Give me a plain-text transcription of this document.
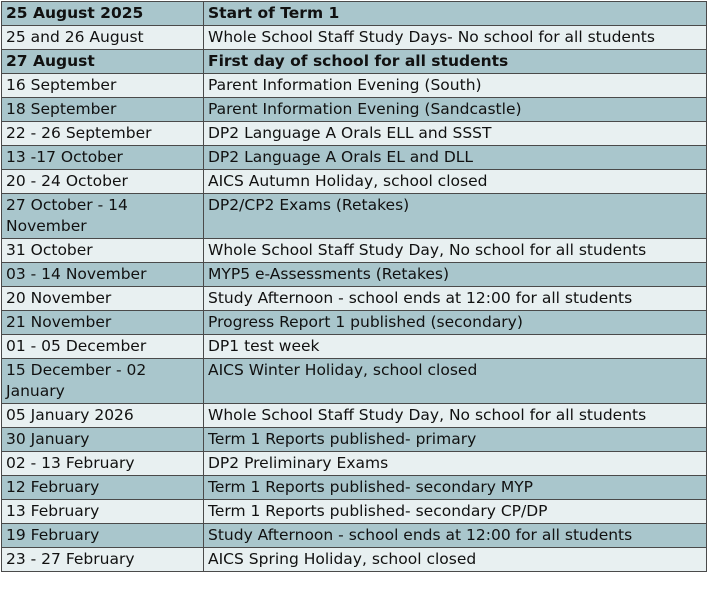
25 August 2025	Start of Term 1
25 and 26 August	Whole School Staff Study Days- No school for all students
27 August	First day of school for all students
16 September	Parent Information Evening (South)
18 September	Parent Information Evening (Sandcastle)
22 - 26 September	DP2 Language A Orals ELL and SSST
13 -17 October	DP2 Language A Orals EL and DLL
20 - 24 October	AICS Autumn Holiday, school closed
27 October - 14 November	DP2/CP2 Exams (Retakes)
31 October	Whole School Staff Study Day, No school for all students
03 - 14 November	MYP5 e-Assessments (Retakes)
20 November	Study Afternoon - school ends at 12:00 for all students
21 November	Progress Report 1 published (secondary)
01 - 05 December	DP1 test week
15 December - 02 January	AICS Winter Holiday, school closed
05 January 2026	Whole School Staff Study Day, No school for all students
30 January	Term 1 Reports published- primary
02 - 13 February	DP2 Preliminary Exams
12 February	Term 1 Reports published- secondary MYP
13 February	Term 1 Reports published- secondary CP/DP
19 February	Study Afternoon - school ends at 12:00 for all students
23 - 27 February	AICS Spring Holiday, school closed
